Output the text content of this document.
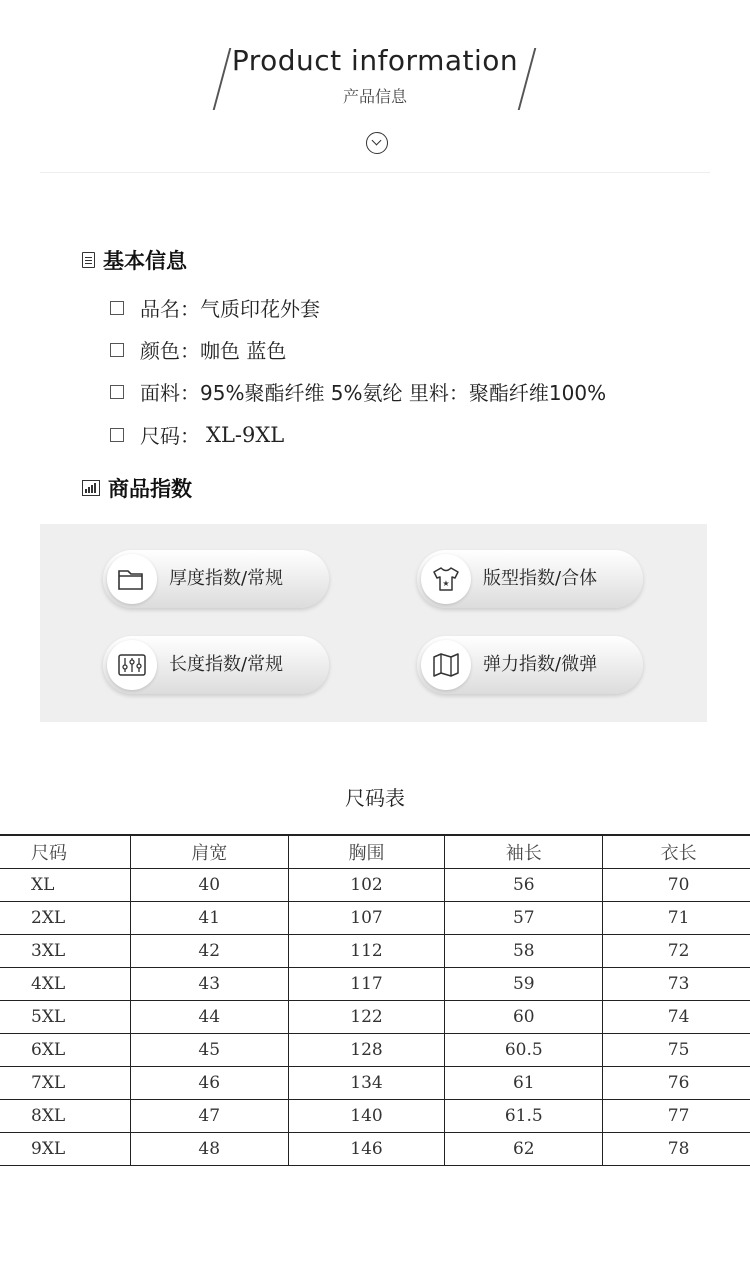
Product information
产品信息
基本信息
品名：气质印花外套
颜色：咖色 蓝色
面料：95%聚酯纤维 5%氨纶 里料：聚酯纤维100%
尺码： XL-9XL
商品指数
厚度指数/常规	★ 版型指数/合体
长度指数/常规	弹力指数/微弹
尺码表
尺码	肩宽	胸围	袖长	衣长
XL	40	102	56	70
2XL	41	107	57	71
3XL	42	112	58	72
4XL	43	117	59	73
5XL	44	122	60	74
6XL	45	128	60.5	75
7XL	46	134	61	76
8XL	47	140	61.5	77
9XL	48	146	62	78
